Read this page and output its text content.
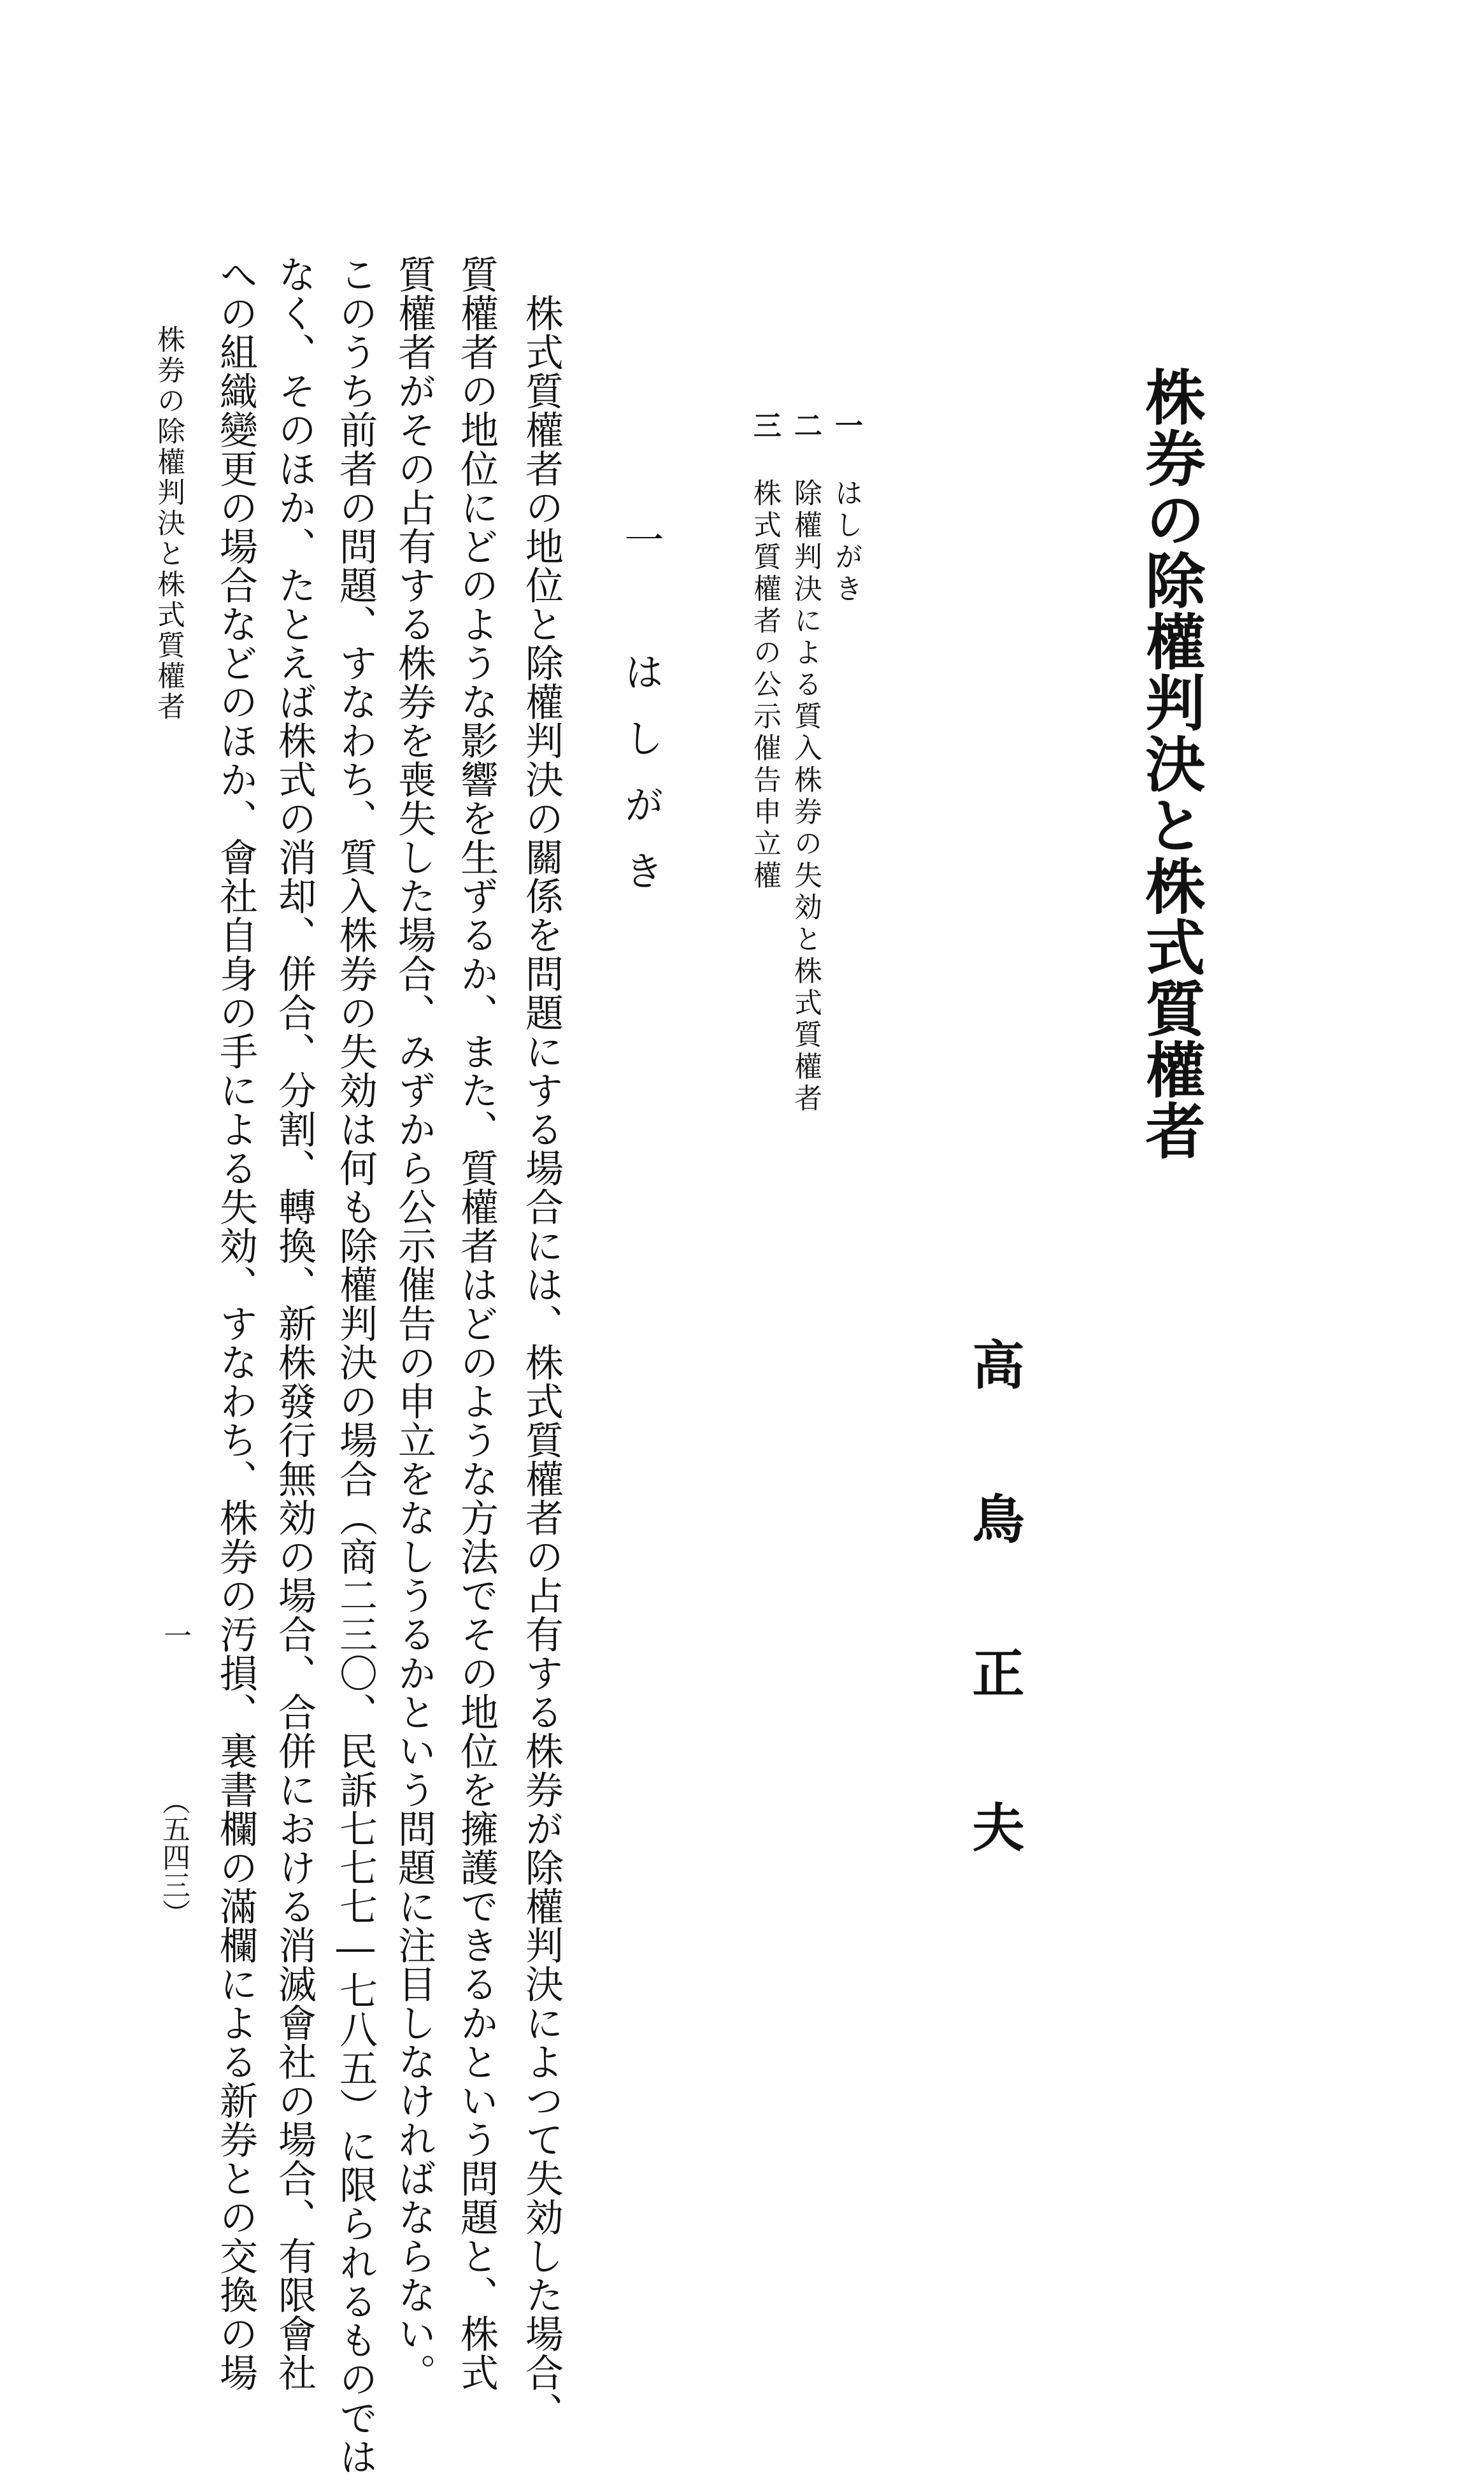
株券の除權判決と株式質權者
高鳥正夫
一
はしがき
二
除權判決による質入株券の失効と株式質權者
三
株式質權者の公示催告申立權
一　はしがき
　株式質權者の地位と除權判決の關係を問題にする場合には、株式質權者の占有する株券が除權判決によつて失効した場合、
質權者の地位にどのような影響を生ずるか、また、質權者はどのような方法でその地位を擁護できるかという問題と、株式
質權者がその占有する株券を喪失した場合、みずから公示催告の申立をなしうるかという問題に注目しなければならない。
このうち前者の問題、すなわち、質入株券の失効は何も除權判決の場合（商二三〇、民訴七七七―七八五）に限られるものでは
なく、そのほか、たとえば株式の消却、併合、分割、轉換、新株發行無効の場合、合併における消滅會社の場合、有限會社
への組織變更の場合などのほか、會社自身の手による失効、すなわち、株券の汚損、裏書欄の滿欄による新券との交換の場
株券の除權判決と株式質權者
一
（五四三）
